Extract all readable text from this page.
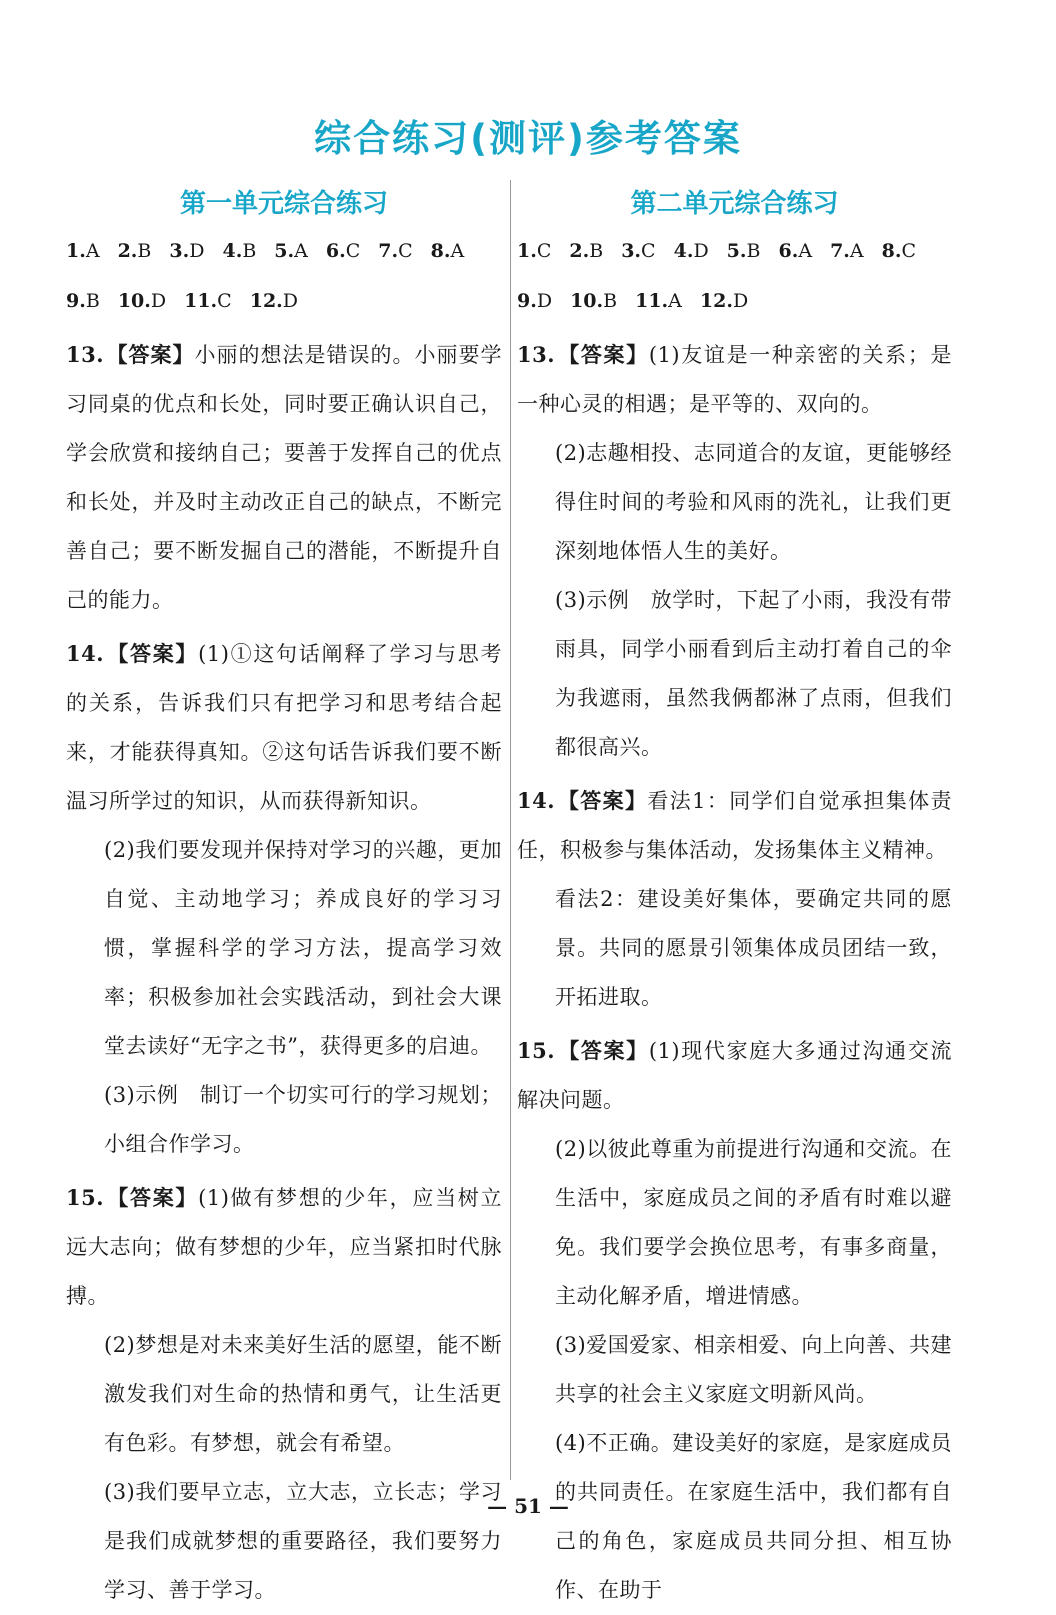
综合练习(测评)参考答案
第一单元综合练习
1.A 2.B 3.D 4.B 5.A 6.C 7.C 8.A
9.B 10.D 11.C 12.D

13.【答案】小丽的想法是错误的。小丽要学习同桌的优点和长处，同时要正确认识自己，学会欣赏和接纳自己；要善于发挥自己的优点和长处，并及时主动改正自己的缺点，不断完善自己；要不断发掘自己的潜能，不断提升自己的能力。

14.【答案】(1)①这句话阐释了学习与思考的关系，告诉我们只有把学习和思考结合起来，才能获得真知。②这句话告诉我们要不断温习所学过的知识，从而获得新知识。

(2)我们要发现并保持对学习的兴趣，更加自觉、主动地学习；养成良好的学习习惯，掌握科学的学习方法，提高学习效率；积极参加社会实践活动，到社会大课堂去读好“无字之书”，获得更多的启迪。

(3)示例　制订一个切实可行的学习规划；小组合作学习。

15.【答案】(1)做有梦想的少年，应当树立远大志向；做有梦想的少年，应当紧扣时代脉搏。

(2)梦想是对未来美好生活的愿望，能不断激发我们对生命的热情和勇气，让生活更有色彩。有梦想，就会有希望。

(3)我们要早立志，立大志，立长志；学习是我们成就梦想的重要路径，我们要努力学习、善于学习。

第二单元综合练习
1.C 2.B 3.C 4.D 5.B 6.A 7.A 8.C
9.D 10.B 11.A 12.D

13.【答案】(1)友谊是一种亲密的关系；是一种心灵的相遇；是平等的、双向的。

(2)志趣相投、志同道合的友谊，更能够经得住时间的考验和风雨的洗礼，让我们更深刻地体悟人生的美好。

(3)示例　放学时，下起了小雨，我没有带雨具，同学小丽看到后主动打着自己的伞为我遮雨，虽然我俩都淋了点雨，但我们都很高兴。

14.【答案】看法1：同学们自觉承担集体责任，积极参与集体活动，发扬集体主义精神。

看法2：建设美好集体，要确定共同的愿景。共同的愿景引领集体成员团结一致，开拓进取。

15.【答案】(1)现代家庭大多通过沟通交流解决问题。

(2)以彼此尊重为前提进行沟通和交流。在生活中，家庭成员之间的矛盾有时难以避免。我们要学会换位思考，有事多商量，主动化解矛盾，增进情感。

(3)爱国爱家、相亲相爱、向上向善、共建共享的社会主义家庭文明新风尚。

(4)不正确。建设美好的家庭，是家庭成员的共同责任。在家庭生活中，我们都有自己的角色，家庭成员共同分担、相互协作、在助于

— 51 —
